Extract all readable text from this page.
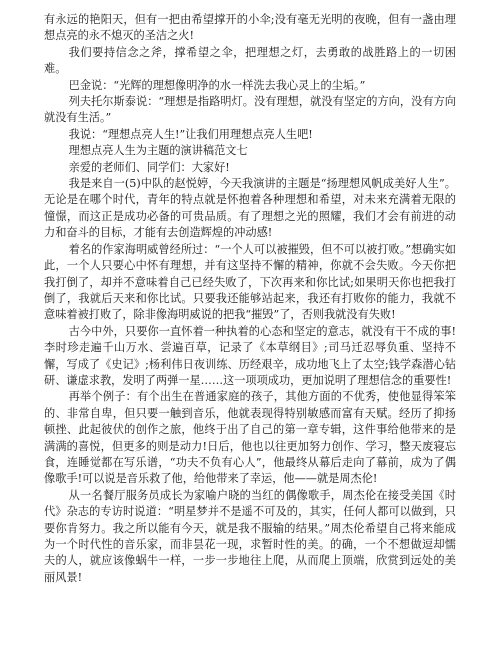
有永远的艳阳天，但有一把由希望撑开的小伞;没有毫无光明的夜晚，但有一盏由理想点亮的永不熄灭的圣洁之火!

我们要持信念之斧，撑希望之伞，把理想之灯，去勇敢的战胜路上的一切困难。

巴金说：“光辉的理想像明净的水一样洗去我心灵上的尘垢。”

列夫托尔斯泰说：“理想是指路明灯。没有理想，就没有坚定的方向，没有方向就没有生活。”

我说：“理想点亮人生!”让我们用理想点亮人生吧!

理想点亮人生为主题的演讲稿范文七

亲爱的老师们、同学们：大家好!

我是来自一(5)中队的赵悦婷，今天我演讲的主题是“扬理想风帆成美好人生”。无论是在哪个时代，青年的特点就是怀抱着各种理想和希望，对未来充满着无限的憧憬，而这正是成功必备的可贵品质。有了理想之光的照耀，我们才会有前进的动力和奋斗的目标，才能有去创造辉煌的冲动感!

着名的作家海明威曾经所过：“一个人可以被摧毁，但不可以被打败。”想确实如此，一个人只要心中怀有理想，并有这坚持不懈的精神，你就不会失败。今天你把我打倒了，却并不意味着自己已经失败了，下次再来和你比试;如果明天你也把我打倒了，我就后天来和你比试。只要我还能够站起来，我还有打败你的能力，我就不意味着被打败了，除非像海明威说的把我“摧毁”了，否则我就没有失败!

古今中外，只要你一直怀着一种执着的心态和坚定的意志，就没有干不成的事!李时珍走遍千山万水、尝遍百草，记录了《本草纲目》;司马迁忍辱负重、坚持不懈，写成了《史记》;杨利伟日夜训练、历经艰辛，成功地飞上了太空;钱学森潜心钻研、谦虚求教，发明了两弹一星……这一项项成功，更加说明了理想信念的重要性!

再举个例子：有个出生在普通家庭的孩子，其他方面的不优秀，使他显得笨笨的、非常自卑，但只要一触到音乐，他就表现得特别敏感而富有天赋。经历了抑扬顿挫、此起彼伏的创作之旅，他终于出了自己的第一章专辑，这件事给他带来的是满满的喜悦，但更多的则是动力!日后，他也以往更加努力创作、学习，整天废寝忘食，连睡觉都在写乐谱，“功夫不负有心人”，他最终从幕后走向了幕前，成为了偶像歌手!可以说是音乐救了他，给他带来了幸运，他——就是周杰伦!

从一名餐厅服务员成长为家喻户晓的当红的偶像歌手，周杰伦在接受美国《时代》杂志的专访时说道：“明星梦并不是遥不可及的，其实，任何人都可以做到，只要你肯努力。我之所以能有今天，就是我不服输的结果。”周杰伦希望自己将来能成为一个时代性的音乐家，而非昙花一现，求暂时性的美。的确，一个不想做逗却懦夫的人，就应该像蜗牛一样，一步一步地往上爬，从而爬上顶端，欣赏到远处的美丽风景!
